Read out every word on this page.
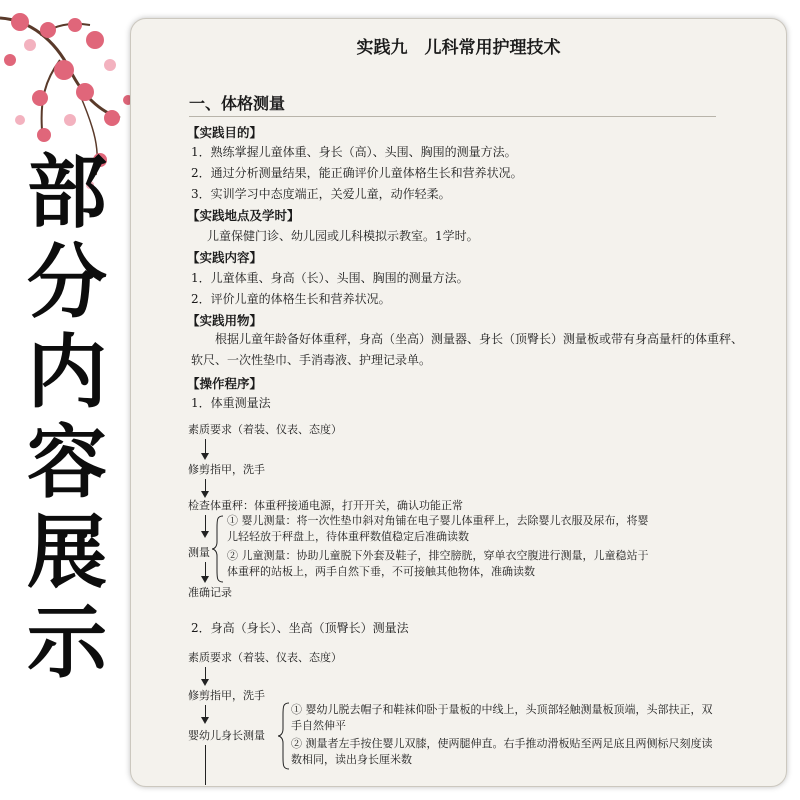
部
分
内
容
展
示
实践九　儿科常用护理技术
一、体格测量
【实践目的】
1．熟练掌握儿童体重、身长（高）、头围、胸围的测量方法。
2．通过分析测量结果，能正确评价儿童体格生长和营养状况。
3．实训学习中态度端正，关爱儿童，动作轻柔。
【实践地点及学时】
儿童保健门诊、幼儿园或儿科模拟示教室。1学时。
【实践内容】
1．儿童体重、身高（长）、头围、胸围的测量方法。
2．评价儿童的体格生长和营养状况。
【实践用物】
根据儿童年龄备好体重秤，身高（坐高）测量器、身长（顶臀长）测量板或带有身高量杆的体重秤、软尺、一次性垫巾、手消毒液、护理记录单。
【操作程序】
1．体重测量法
素质要求（着装、仪表、态度）
修剪指甲，洗手
检查体重秤：体重秤接通电源，打开开关，确认功能正常
测量
① 婴儿测量：将一次性垫巾斜对角铺在电子婴儿体重秤上，去除婴儿衣服及尿布，将婴儿轻轻放于秤盘上，待体重秤数值稳定后准确读数
② 儿童测量：协助儿童脱下外套及鞋子，排空膀胱，穿单衣空腹进行测量，儿童稳站于体重秤的站板上，两手自然下垂，不可接触其他物体，准确读数
准确记录
2．身高（身长）、坐高（顶臀长）测量法
素质要求（着装、仪表、态度）
修剪指甲，洗手
婴幼儿身长测量
① 婴幼儿脱去帽子和鞋袜仰卧于量板的中线上，头顶部轻触测量板顶端，头部扶正，双手自然伸平
② 测量者左手按住婴儿双膝，使两腿伸直。右手推动滑板贴至两足底且两侧标尺刻度读数相同，读出身长厘米数
